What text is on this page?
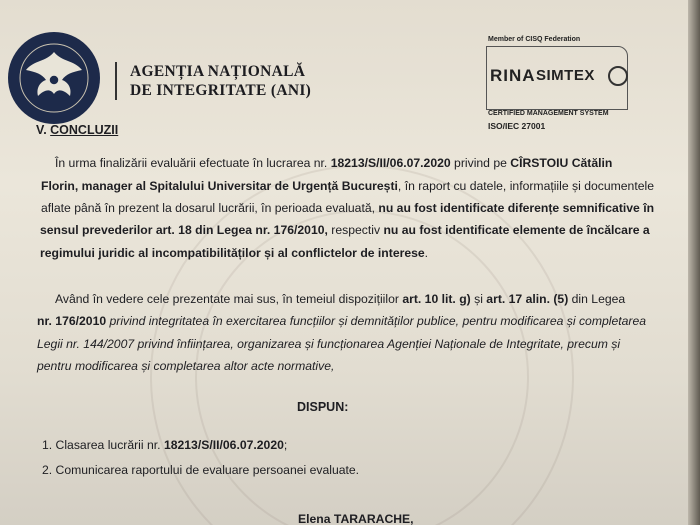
AGENȚIA NAȚIONALĂ
DE INTEGRITATE (ANI)
Member of CISQ Federation
RINA SIMTEX
CERTIFIED MANAGEMENT SYSTEM
ISO/IEC 27001
V. CONCLUZII
În urma finalizării evaluării efectuate în lucrarea nr. 18213/S/II/06.07.2020 privind pe CÎRSTOIU Cătălin
Florin, manager al Spitalului Universitar de Urgență București, în raport cu datele, informațiile și documentele
aflate până în prezent la dosarul lucrării, în perioada evaluată, nu au fost identificate diferențe semnificative în
sensul prevederilor art. 18 din Legea nr. 176/2010, respectiv nu au fost identificate elemente de încălcare a
regimului juridic al incompatibilităților și al conflictelor de interese.
Având în vedere cele prezentate mai sus, în temeiul dispozițiilor art. 10 lit. g) și art. 17 alin. (5) din Legea
nr. 176/2010 privind integritatea în exercitarea funcțiilor și demnităților publice, pentru modificarea și completarea
Legii nr. 144/2007 privind înființarea, organizarea și funcționarea Agenției Naționale de Integritate, precum și
pentru modificarea și completarea altor acte normative,
DISPUN:
1. Clasarea lucrării nr. 18213/S/II/06.07.2020;
2. Comunicarea raportului de evaluare persoanei evaluate.
Elena TARARACHE,
